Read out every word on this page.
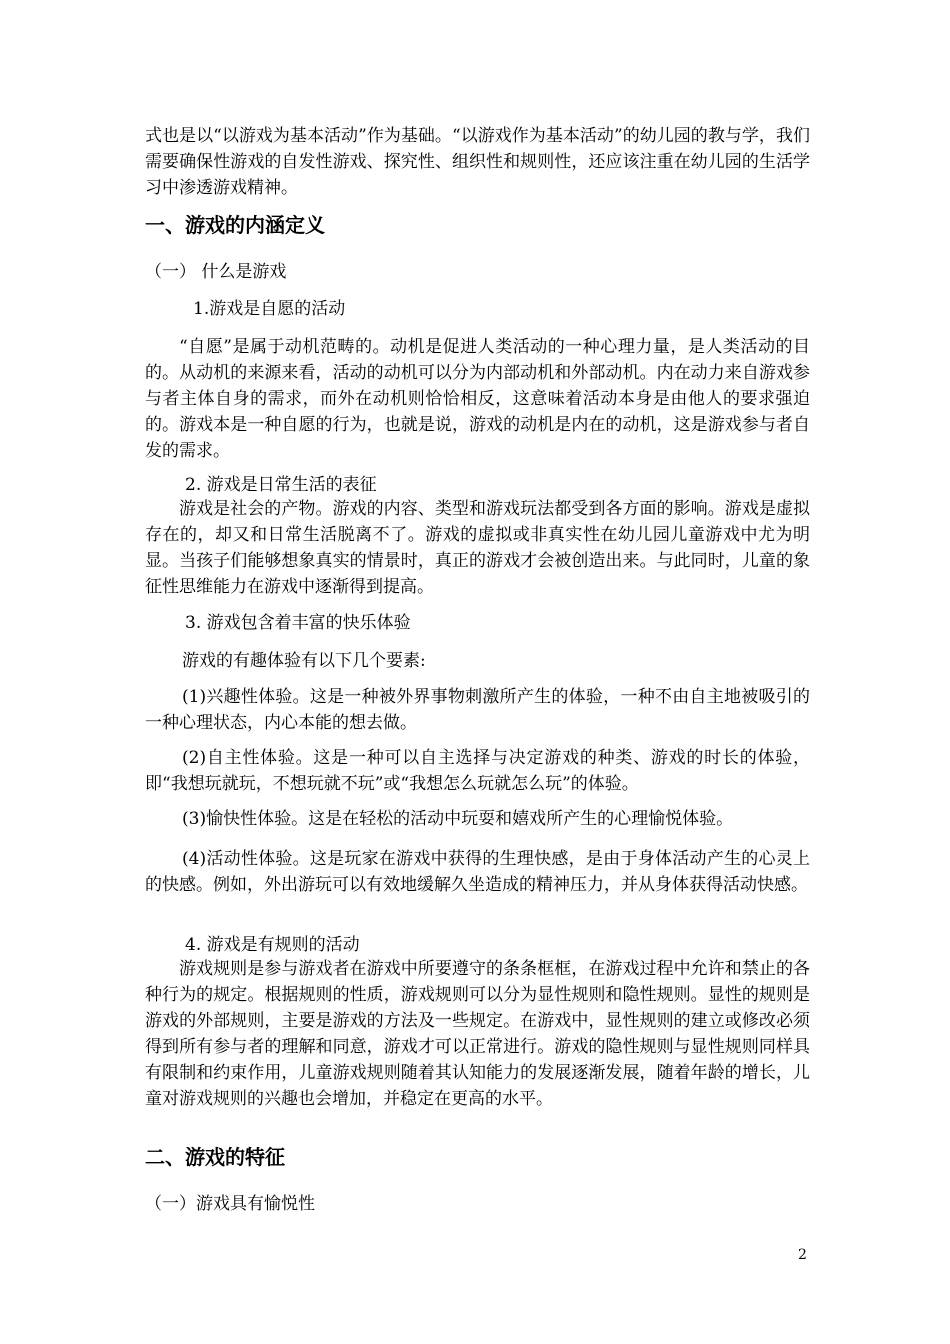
式也是以“以游戏为基本活动”作为基础。“以游戏作为基本活动”的幼儿园的教与学，我们需要确保性游戏的自发性游戏、探究性、组织性和规则性，还应该注重在幼儿园的生活学习中渗透游戏精神。
一、游戏的内涵定义
（一） 什么是游戏
1.游戏是自愿的活动
“自愿”是属于动机范畴的。动机是促进人类活动的一种心理力量，是人类活动的目的。从动机的来源来看，活动的动机可以分为内部动机和外部动机。内在动力来自游戏参与者主体自身的需求，而外在动机则恰恰相反，这意味着活动本身是由他人的要求强迫的。游戏本是一种自愿的行为，也就是说，游戏的动机是内在的动机，这是游戏参与者自发的需求。
2. 游戏是日常生活的表征
游戏是社会的产物。游戏的内容、类型和游戏玩法都受到各方面的影响。游戏是虚拟存在的，却又和日常生活脱离不了。游戏的虚拟或非真实性在幼儿园儿童游戏中尤为明显。当孩子们能够想象真实的情景时，真正的游戏才会被创造出来。与此同时，儿童的象征性思维能力在游戏中逐渐得到提高。
3. 游戏包含着丰富的快乐体验
游戏的有趣体验有以下几个要素:
(1)兴趣性体验。这是一种被外界事物刺激所产生的体验，一种不由自主地被吸引的一种心理状态，内心本能的想去做。
(2)自主性体验。这是一种可以自主选择与决定游戏的种类、游戏的时长的体验，即“我想玩就玩，不想玩就不玩”或“我想怎么玩就怎么玩”的体验。
(3)愉快性体验。这是在轻松的活动中玩耍和嬉戏所产生的心理愉悦体验。
(4)活动性体验。这是玩家在游戏中获得的生理快感，是由于身体活动产生的心灵上的快感。例如，外出游玩可以有效地缓解久坐造成的精神压力，并从身体获得活动快感。
4. 游戏是有规则的活动
游戏规则是参与游戏者在游戏中所要遵守的条条框框，在游戏过程中允许和禁止的各种行为的规定。根据规则的性质，游戏规则可以分为显性规则和隐性规则。显性的规则是游戏的外部规则，主要是游戏的方法及一些规定。在游戏中，显性规则的建立或修改必须得到所有参与者的理解和同意，游戏才可以正常进行。游戏的隐性规则与显性规则同样具有限制和约束作用，儿童游戏规则随着其认知能力的发展逐渐发展，随着年龄的增长，儿童对游戏规则的兴趣也会增加，并稳定在更高的水平。
二、游戏的特征
（一）游戏具有愉悦性
2
